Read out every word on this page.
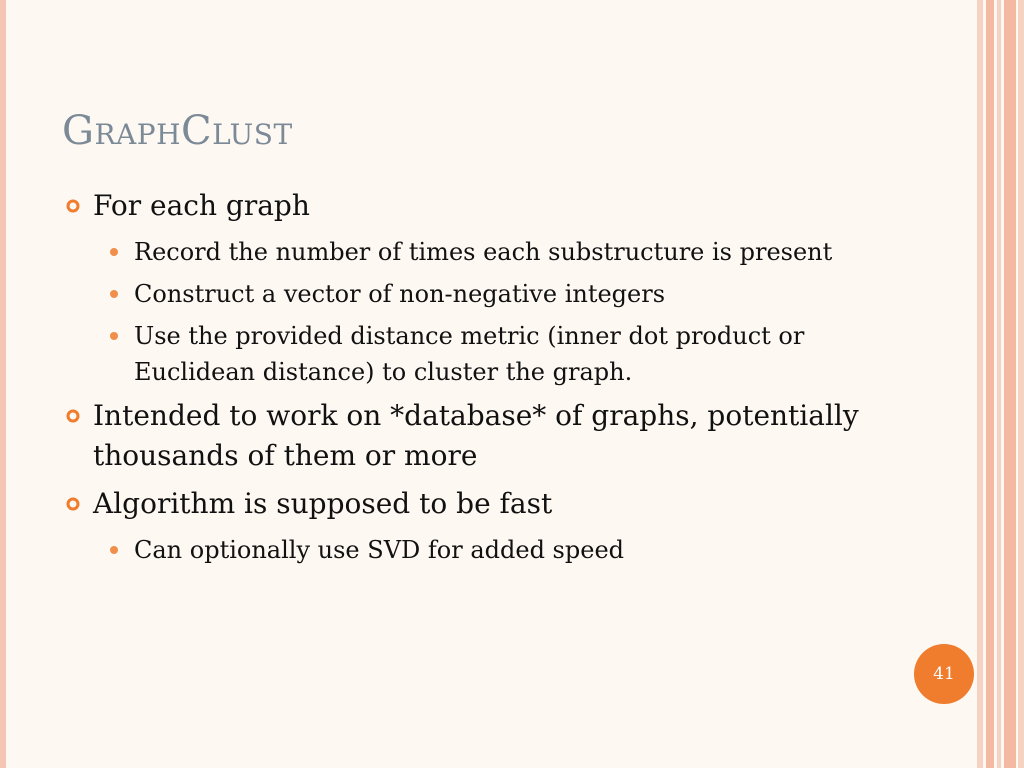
GraphClust
For each graph
Record the number of times each substructure is present
Construct a vector of non-negative integers
Use the provided distance metric (inner dot product or Euclidean distance) to cluster the graph.
Intended to work on *database* of graphs, potentially thousands of them or more
Algorithm is supposed to be fast
Can optionally use SVD for added speed
41
